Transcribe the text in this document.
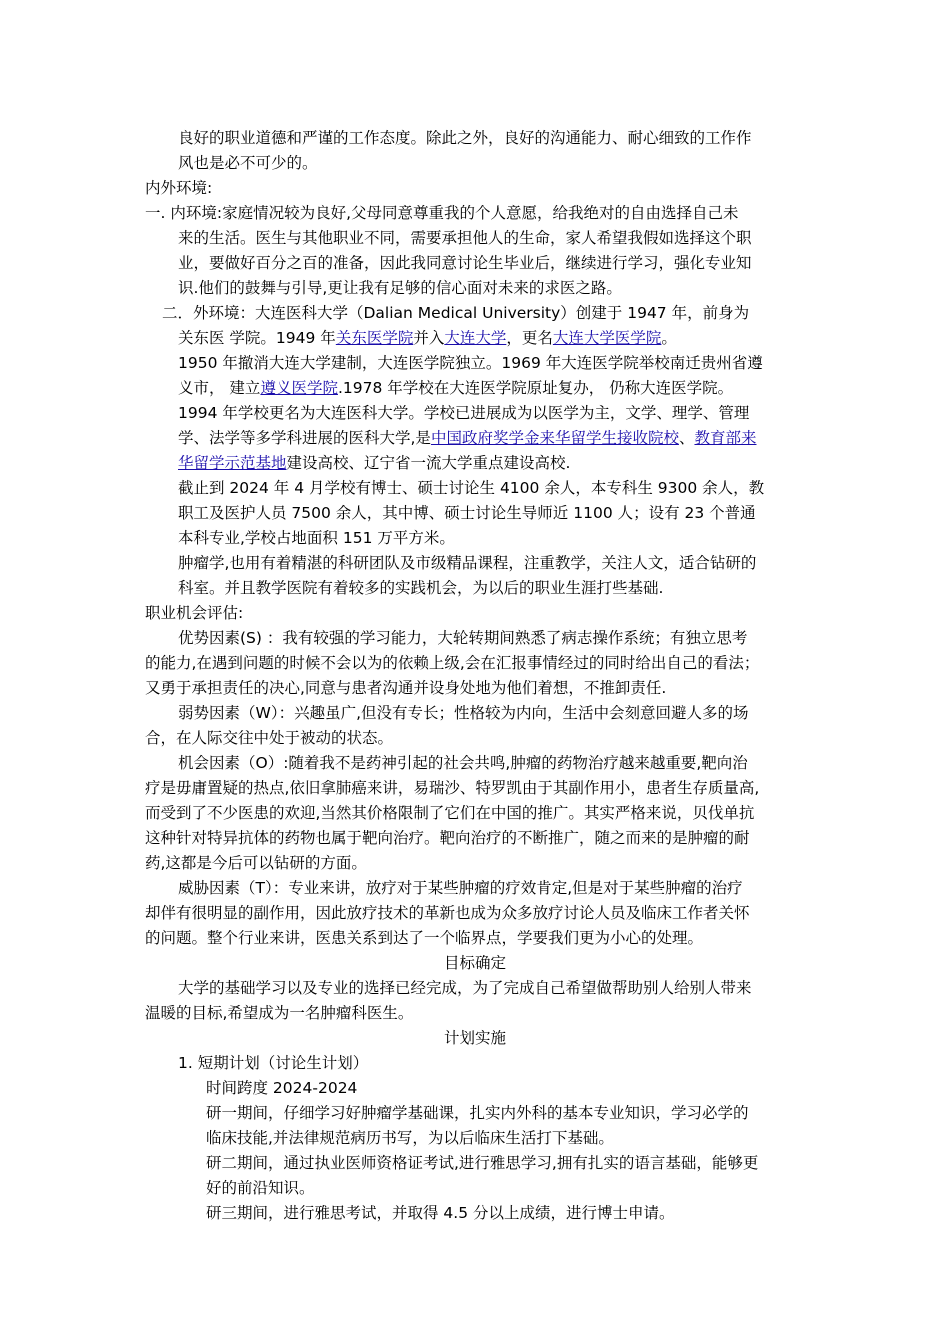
良好的职业道德和严谨的工作态度。除此之外，良好的沟通能力、耐心细致的工作作
风也是必不可少的。
内外环境:
一. 内环境:家庭情况较为良好,父母同意尊重我的个人意愿，给我绝对的自由选择自己未
来的生活。医生与其他职业不同，需要承担他人的生命，家人希望我假如选择这个职
业，要做好百分之百的准备，因此我同意讨论生毕业后，继续进行学习，强化专业知
识.他们的鼓舞与引导,更让我有足够的信心面对未来的求医之路。
二．外环境：大连医科大学（Dalian Medical University）创建于 1947 年，前身为
关东医 学院。1949 年关东医学院并入大连大学，更名大连大学医学院。
1950 年撤消大连大学建制，大连医学院独立。1969 年大连医学院举校南迁贵州省遵
义市， 建立遵义医学院.1978 年学校在大连医学院原址复办， 仍称大连医学院。
1994 年学校更名为大连医科大学。学校已进展成为以医学为主，文学、理学、管理
学、法学等多学科进展的医科大学,是中国政府奖学金来华留学生接收院校、教育部来
华留学示范基地建设高校、辽宁省一流大学重点建设高校.
截止到 2024 年 4 月学校有博士、硕士讨论生 4100 余人，本专科生 9300 余人，教
职工及医护人员 7500 余人，其中博、硕士讨论生导师近 1100 人；设有 23 个普通
本科专业,学校占地面积 151 万平方米。
肿瘤学,也用有着精湛的科研团队及市级精品课程，注重教学，关注人文，适合钻研的
科室。并且教学医院有着较多的实践机会，为以后的职业生涯打些基础.
职业机会评估:
优势因素(S) ：我有较强的学习能力，大轮转期间熟悉了病志操作系统；有独立思考
的能力,在遇到问题的时候不会以为的依赖上级,会在汇报事情经过的同时给出自己的看法；
又勇于承担责任的决心,同意与患者沟通并设身处地为他们着想，不推卸责任.
弱势因素（W）：兴趣虽广,但没有专长；性格较为内向，生活中会刻意回避人多的场
合，在人际交往中处于被动的状态。
机会因素（O）:随着我不是药神引起的社会共鸣,肿瘤的药物治疗越来越重要,靶向治
疗是毋庸置疑的热点,依旧拿肺癌来讲，易瑞沙、特罗凯由于其副作用小，患者生存质量高,
而受到了不少医患的欢迎,当然其价格限制了它们在中国的推广。其实严格来说，贝伐单抗
这种针对特异抗体的药物也属于靶向治疗。靶向治疗的不断推广，随之而来的是肿瘤的耐
药,这都是今后可以钻研的方面。
威胁因素（T）：专业来讲，放疗对于某些肿瘤的疗效肯定,但是对于某些肿瘤的治疗
却伴有很明显的副作用，因此放疗技术的革新也成为众多放疗讨论人员及临床工作者关怀
的问题。整个行业来讲，医患关系到达了一个临界点，学要我们更为小心的处理。
目标确定
大学的基础学习以及专业的选择已经完成，为了完成自己希望做帮助别人给别人带来
温暖的目标,希望成为一名肿瘤科医生。
计划实施
1. 短期计划（讨论生计划）
时间跨度 2024-2024
研一期间，仔细学习好肿瘤学基础课，扎实内外科的基本专业知识，学习必学的
临床技能,并法律规范病历书写，为以后临床生活打下基础。
研二期间，通过执业医师资格证考试,进行雅思学习,拥有扎实的语言基础，能够更
好的前沿知识。
研三期间，进行雅思考试，并取得 4.5 分以上成绩，进行博士申请。
